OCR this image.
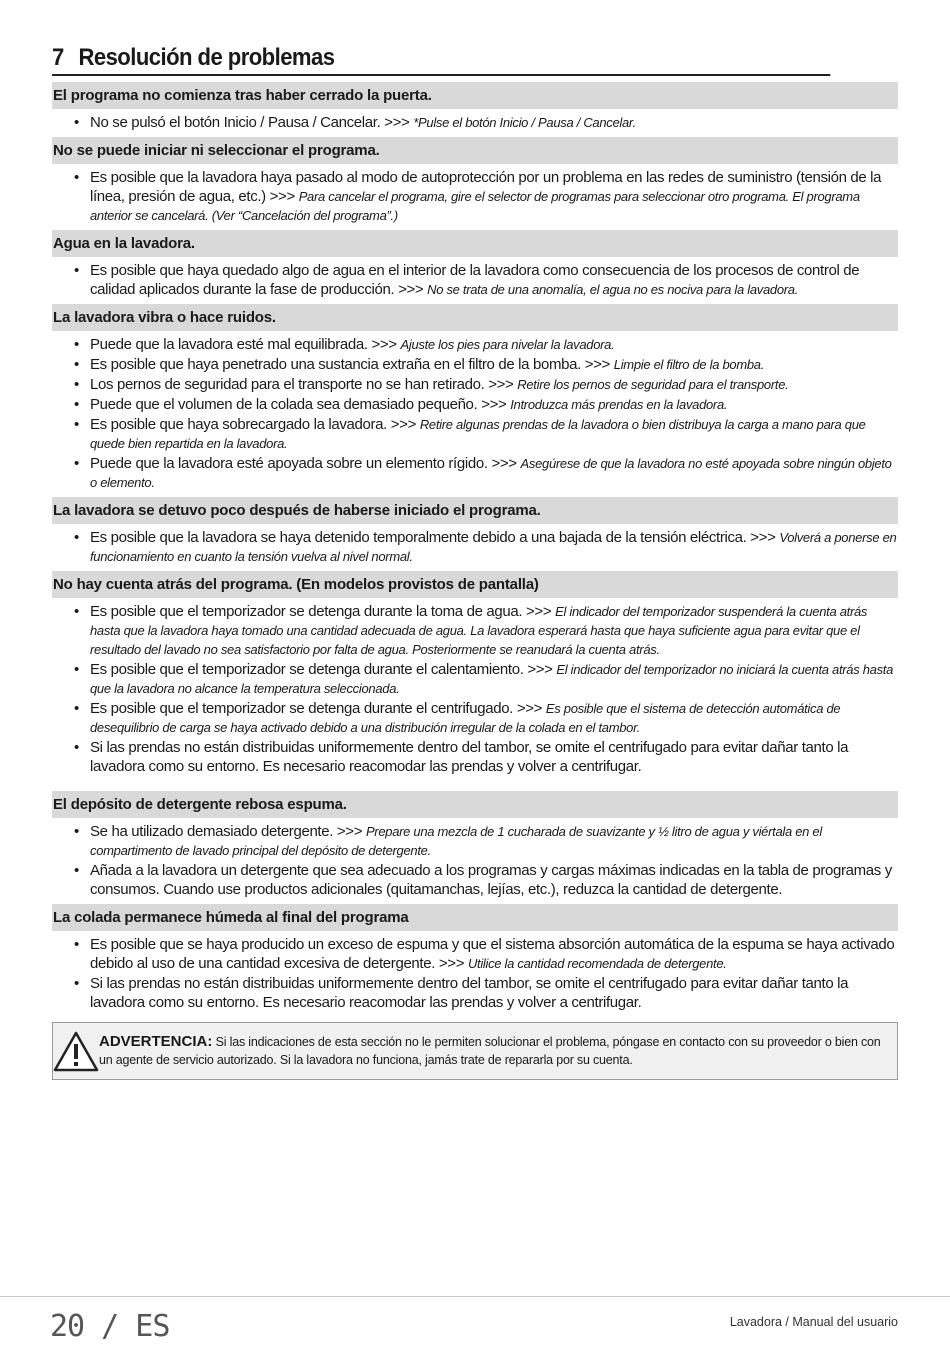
7 Resolución de problemas
El programa no comienza tras haber cerrado la puerta.
• No se pulsó el botón Inicio / Pausa / Cancelar. >>> *Pulse el botón Inicio / Pausa / Cancelar.
No se puede iniciar ni seleccionar el programa.
• Es posible que la lavadora haya pasado al modo de autoprotección por un problema en las redes de suministro (tensión de la línea, presión de agua, etc.) >>> Para cancelar el programa, gire el selector de programas para seleccionar otro programa. El programa anterior se cancelará. (Ver “Cancelación del programa”.)
Agua en la lavadora.
• Es posible que haya quedado algo de agua en el interior de la lavadora como consecuencia de los procesos de control de calidad aplicados durante la fase de producción. >>> No se trata de una anomalía, el agua no es nociva para la lavadora.
La lavadora vibra o hace ruidos.
• Puede que la lavadora esté mal equilibrada. >>> Ajuste los pies para nivelar la lavadora.
• Es posible que haya penetrado una sustancia extraña en el filtro de la bomba. >>> Limpie el filtro de la bomba.
• Los pernos de seguridad para el transporte no se han retirado. >>> Retire los pernos de seguridad para el transporte.
• Puede que el volumen de la colada sea demasiado pequeño. >>> Introduzca más prendas en la lavadora.
• Es posible que haya sobrecargado la lavadora. >>> Retire algunas prendas de la lavadora o bien distribuya la carga a mano para que quede bien repartida en la lavadora.
• Puede que la lavadora esté apoyada sobre un elemento rígido. >>> Asegúrese de que la lavadora no esté apoyada sobre ningún objeto o elemento.
La lavadora se detuvo poco después de haberse iniciado el programa.
• Es posible que la lavadora se haya detenido temporalmente debido a una bajada de la tensión eléctrica. >>> Volverá a ponerse en funcionamiento en cuanto la tensión vuelva al nivel normal.
No hay cuenta atrás del programa. (En modelos provistos de pantalla)
• Es posible que el temporizador se detenga durante la toma de agua. >>> El indicador del temporizador suspenderá la cuenta atrás hasta que la lavadora haya tomado una cantidad adecuada de agua. La lavadora esperará hasta que haya suficiente agua para evitar que el resultado del lavado no sea satisfactorio por falta de agua. Posteriormente se reanudará la cuenta atrás.
• Es posible que el temporizador se detenga durante el calentamiento. >>> El indicador del temporizador no iniciará la cuenta atrás hasta que la lavadora no alcance la temperatura seleccionada.
• Es posible que el temporizador se detenga durante el centrifugado. >>> Es posible que el sistema de detección automática de desequilibrio de carga se haya activado debido a una distribución irregular de la colada en el tambor.
• Si las prendas no están distribuidas uniformemente dentro del tambor, se omite el centrifugado para evitar dañar tanto la lavadora como su entorno. Es necesario reacomodar las prendas y volver a centrifugar.
El depósito de detergente rebosa espuma.
• Se ha utilizado demasiado detergente. >>> Prepare una mezcla de 1 cucharada de suavizante y ½ litro de agua y viértala en el compartimento de lavado principal del depósito de detergente.
• Añada a la lavadora un detergente que sea adecuado a los programas y cargas máximas indicadas en la tabla de programas y consumos. Cuando use productos adicionales (quitamanchas, lejías, etc.), reduzca la cantidad de detergente.
La colada permanece húmeda al final del programa
• Es posible que se haya producido un exceso de espuma y que el sistema absorción automática de la espuma se haya activado debido al uso de una cantidad excesiva de detergente. >>> Utilice la cantidad recomendada de detergente.
• Si las prendas no están distribuidas uniformemente dentro del tambor, se omite el centrifugado para evitar dañar tanto la lavadora como su entorno. Es necesario reacomodar las prendas y volver a centrifugar.
ADVERTENCIA: Si las indicaciones de esta sección no le permiten solucionar el problema, póngase en contacto con su proveedor o bien con un agente de servicio autorizado. Si la lavadora no funciona, jamás trate de repararla por su cuenta.
20 / ES	Lavadora / Manual del usuario
